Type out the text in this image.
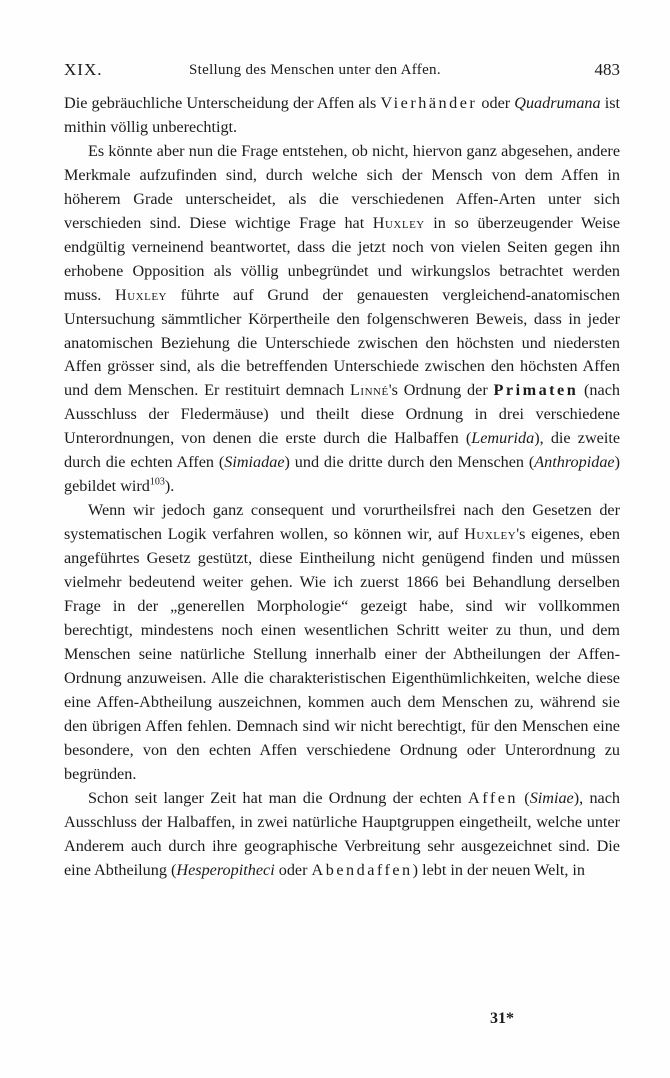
XIX.	Stellung des Menschen unter den Affen.	483

Die gebräuchliche Unterscheidung der Affen als Vierhänder oder Quadrumana ist mithin völlig unberechtigt.

Es könnte aber nun die Frage entstehen, ob nicht, hiervon ganz abgesehen, andere Merkmale aufzufinden sind, durch welche sich der Mensch von dem Affen in höherem Grade unterscheidet, als die verschiedenen Affen-Arten unter sich verschieden sind. Diese wichtige Frage hat Huxley in so überzeugender Weise endgültig verneinend beantwortet, dass die jetzt noch von vielen Seiten gegen ihn erhobene Opposition als völlig unbegründet und wirkungslos betrachtet werden muss. Huxley führte auf Grund der genauesten vergleichend-anatomischen Untersuchung sämmtlicher Körpertheile den folgenschweren Beweis, dass in jeder anatomischen Beziehung die Unterschiede zwischen den höchsten und niedersten Affen grösser sind, als die betreffenden Unterschiede zwischen den höchsten Affen und dem Menschen. Er restituirt demnach Linné's Ordnung der Primaten (nach Ausschluss der Fledermäuse) und theilt diese Ordnung in drei verschiedene Unterordnungen, von denen die erste durch die Halbaffen (Lemurida), die zweite durch die echten Affen (Simiadae) und die dritte durch den Menschen (Anthropidae) gebildet wird$^{103}$).

Wenn wir jedoch ganz consequent und vorurtheilsfrei nach den Gesetzen der systematischen Logik verfahren wollen, so können wir, auf Huxley's eigenes, eben angeführtes Gesetz gestützt, diese Eintheilung nicht genügend finden und müssen vielmehr bedeutend weiter gehen. Wie ich zuerst 1866 bei Behandlung derselben Frage in der „generellen Morphologie“ gezeigt habe, sind wir vollkommen berechtigt, mindestens noch einen wesentlichen Schritt weiter zu thun, und dem Menschen seine natürliche Stellung innerhalb einer der Abtheilungen der Affen-Ordnung anzuweisen. Alle die charakteristischen Eigenthümlichkeiten, welche diese eine Affen-Abtheilung auszeichnen, kommen auch dem Menschen zu, während sie den übrigen Affen fehlen. Demnach sind wir nicht berechtigt, für den Menschen eine besondere, von den echten Affen verschiedene Ordnung oder Unterordnung zu begründen.

Schon seit langer Zeit hat man die Ordnung der echten Affen (Simiae), nach Ausschluss der Halbaffen, in zwei natürliche Hauptgruppen eingetheilt, welche unter Anderem auch durch ihre geographische Verbreitung sehr ausgezeichnet sind. Die eine Abtheilung (Hesperopitheci oder Abendaffen) lebt in der neuen Welt, in

31*
